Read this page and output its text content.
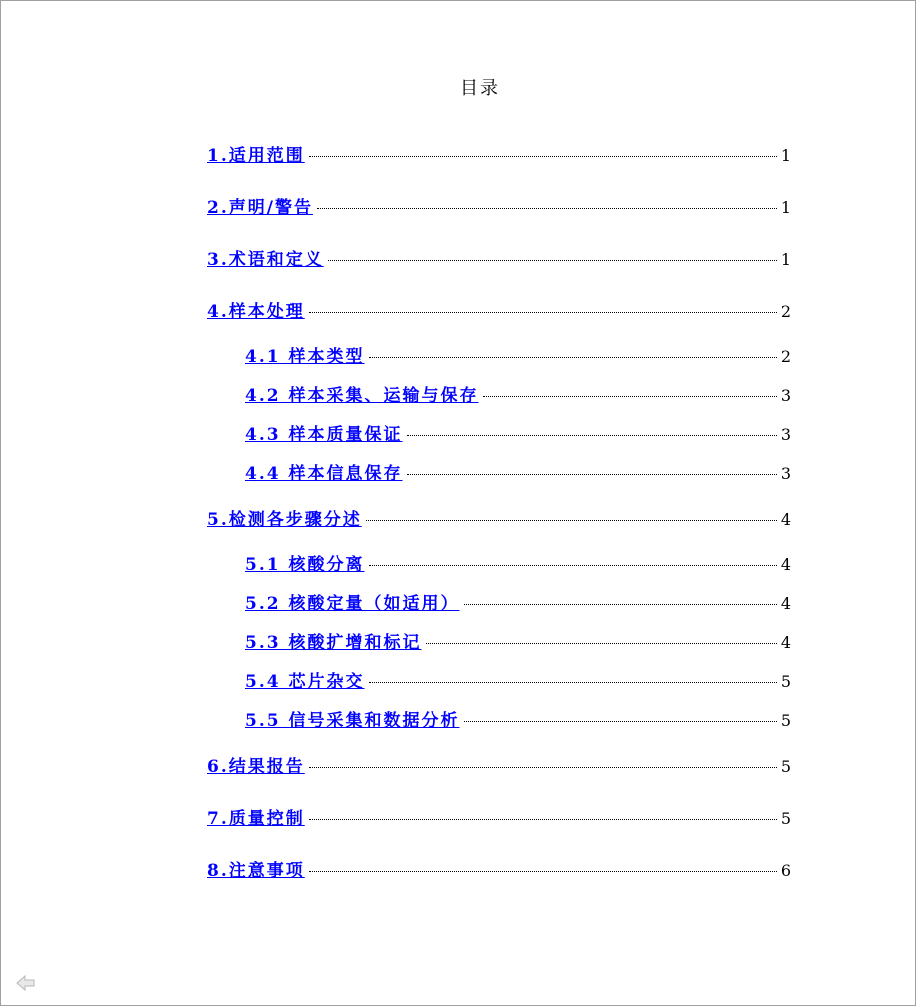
目录
1.适用范围	1
2.声明/警告	1
3.术语和定义	1
4.样本处理	2
4.1 样本类型	2
4.2 样本采集、运输与保存	3
4.3 样本质量保证	3
4.4 样本信息保存	3
5.检测各步骤分述	4
5.1 核酸分离	4
5.2 核酸定量（如适用）	4
5.3 核酸扩增和标记	4
5.4 芯片杂交	5
5.5 信号采集和数据分析	5
6.结果报告	5
7.质量控制	5
8.注意事项	6
